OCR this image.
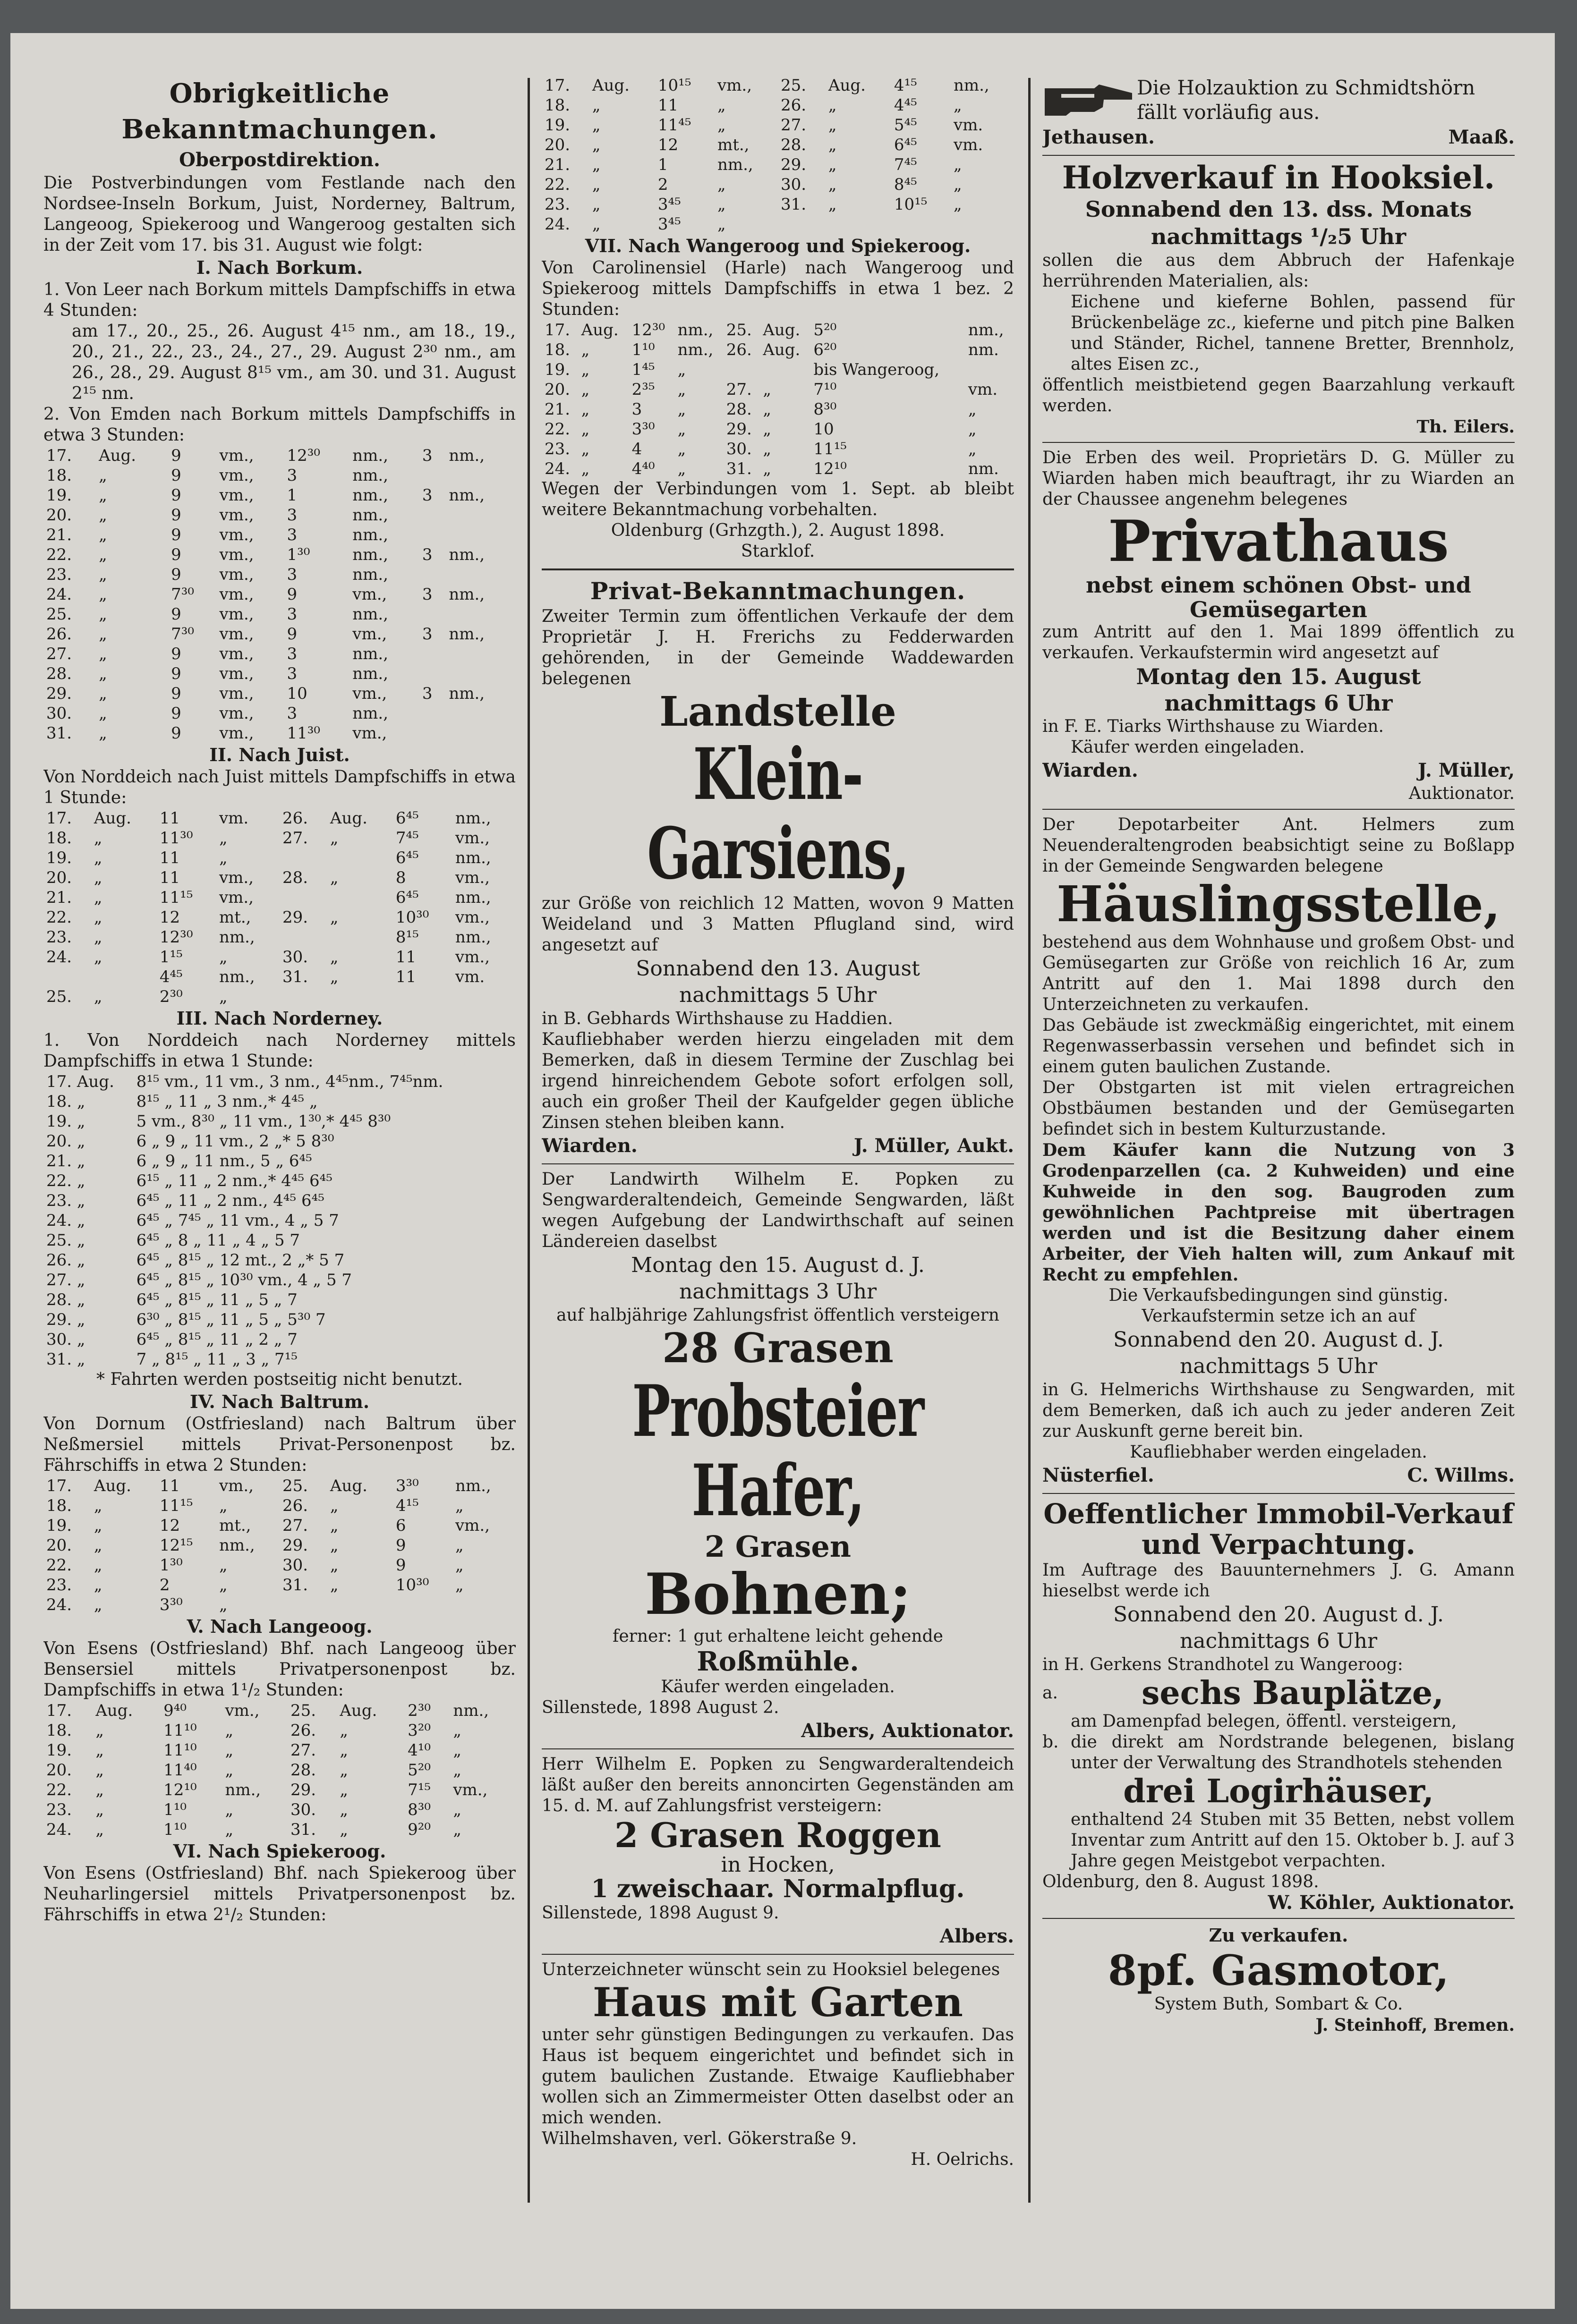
Obrigkeitliche Bekanntmachungen.

Oberpostdirektion.

Die Postverbindungen vom Festlande nach den Nordsee-Inseln Borkum, Juist, Norderney, Baltrum, Langeoog, Spiekeroog und Wangeroog gestalten sich in der Zeit vom 17. bis 31. August wie folgt:

I. Nach Borkum.

1. Von Leer nach Borkum mittels Dampfschiffs in etwa 4 Stunden:

am 17., 20., 25., 26. August 4¹⁵ nm., am 18., 19., 20., 21., 22., 23., 24., 27., 29. August 2³⁰ nm., am 26., 28., 29. August 8¹⁵ vm., am 30. und 31. August 2¹⁵ nm.

2. Von Emden nach Borkum mittels Dampfschiffs in etwa 3 Stunden:

17.	Aug.	9	vm.,	12³⁰	nm.,	3	nm.,
18.	„	9	vm.,	3	nm.,		
19.	„	9	vm.,	1	nm.,	3	nm.,
20.	„	9	vm.,	3	nm.,		
21.	„	9	vm.,	3	nm.,		
22.	„	9	vm.,	1³⁰	nm.,	3	nm.,
23.	„	9	vm.,	3	nm.,		
24.	„	7³⁰	vm.,	9	vm.,	3	nm.,
25.	„	9	vm.,	3	nm.,		
26.	„	7³⁰	vm.,	9	vm.,	3	nm.,
27.	„	9	vm.,	3	nm.,		
28.	„	9	vm.,	3	nm.,		
29.	„	9	vm.,	10	vm.,	3	nm.,
30.	„	9	vm.,	3	nm.,		
31.	„	9	vm.,	11³⁰	vm.,		

II. Nach Juist.

Von Norddeich nach Juist mittels Dampfschiffs in etwa 1 Stunde:

17.	Aug.	11	vm.	26.	Aug.	6⁴⁵	nm.,
18.	„	11³⁰	„	27.	„	7⁴⁵	vm.,
19.	„	11	„			6⁴⁵	nm.,
20.	„	11	vm.,	28.	„	8	vm.,
21.	„	11¹⁵	vm.,			6⁴⁵	nm.,
22.	„	12	mt.,	29.	„	10³⁰	vm.,
23.	„	12³⁰	nm.,			8¹⁵	nm.,
24.	„	1¹⁵	„	30.	„	11	vm.,
		4⁴⁵	nm.,	31.	„	11	vm.
25.	„	2³⁰	„				

III. Nach Norderney.

1. Von Norddeich nach Norderney mittels Dampfschiffs in etwa 1 Stunde:

17. Aug.	8¹⁵ vm., 11 vm., 3 nm., 4⁴⁵nm., 7⁴⁵nm.
18. „	8¹⁵ „ 11 „ 3 nm.,* 4⁴⁵ „
19. „	5 vm., 8³⁰ „ 11 vm., 1³⁰,* 4⁴⁵ 8³⁰
20. „	6 „ 9 „ 11 vm., 2 „* 5 8³⁰
21. „	6 „ 9 „ 11 nm., 5 „ 6⁴⁵
22. „	6¹⁵ „ 11 „ 2 nm.,* 4⁴⁵ 6⁴⁵
23. „	6⁴⁵ „ 11 „ 2 nm., 4⁴⁵ 6⁴⁵
24. „	6⁴⁵ „ 7⁴⁵ „ 11 vm., 4 „ 5 7
25. „	6⁴⁵ „ 8 „ 11 „ 4 „ 5 7
26. „	6⁴⁵ „ 8¹⁵ „ 12 mt., 2 „* 5 7
27. „	6⁴⁵ „ 8¹⁵ „ 10³⁰ vm., 4 „ 5 7
28. „	6⁴⁵ „ 8¹⁵ „ 11 „ 5 „ 7
29. „	6³⁰ „ 8¹⁵ „ 11 „ 5 „ 5³⁰ 7
30. „	6⁴⁵ „ 8¹⁵ „ 11 „ 2 „ 7
31. „	7 „ 8¹⁵ „ 11 „ 3 „ 7¹⁵

* Fahrten werden postseitig nicht benutzt.

IV. Nach Baltrum.

Von Dornum (Ostfriesland) nach Baltrum über Neßmersiel mittels Privat-Personenpost bz. Fährschiffs in etwa 2 Stunden:

17.	Aug.	11	vm.,	25.	Aug.	3³⁰	nm.,
18.	„	11¹⁵	„	26.	„	4¹⁵	„
19.	„	12	mt.,	27.	„	6	vm.,
20.	„	12¹⁵	nm.,	29.	„	9	„
22.	„	1³⁰	„	30.	„	9	„
23.	„	2	„	31.	„	10³⁰	„
24.	„	3³⁰	„				

V. Nach Langeoog.

Von Esens (Ostfriesland) Bhf. nach Langeoog über Bensersiel mittels Privatpersonenpost bz. Dampfschiffs in etwa 1¹/₂ Stunden:

17.	Aug.	9⁴⁰	vm.,	25.	Aug.	2³⁰	nm.,
18.	„	11¹⁰	„	26.	„	3²⁰	„
19.	„	11¹⁰	„	27.	„	4¹⁰	„
20.	„	11⁴⁰	„	28.	„	5²⁰	„
22.	„	12¹⁰	nm.,	29.	„	7¹⁵	vm.,
23.	„	1¹⁰	„	30.	„	8³⁰	„
24.	„	1¹⁰	„	31.	„	9²⁰	„

VI. Nach Spiekeroog.

Von Esens (Ostfriesland) Bhf. nach Spiekeroog über Neuharlingersiel mittels Privatpersonenpost bz. Fährschiffs in etwa 2¹/₂ Stunden:

17.	Aug.	10¹⁵	vm.,	25.	Aug.	4¹⁵	nm.,
18.	„	11	„	26.	„	4⁴⁵	„
19.	„	11⁴⁵	„	27.	„	5⁴⁵	vm.
20.	„	12	mt.,	28.	„	6⁴⁵	vm.
21.	„	1	nm.,	29.	„	7⁴⁵	„
22.	„	2	„	30.	„	8⁴⁵	„
23.	„	3⁴⁵	„	31.	„	10¹⁵	„
24.	„	3⁴⁵	„				

VII. Nach Wangeroog und Spiekeroog.

Von Carolinensiel (Harle) nach Wangeroog und Spiekeroog mittels Dampfschiffs in etwa 1 bez. 2 Stunden:

17.	Aug.	12³⁰	nm.,	25.	Aug.	5²⁰	nm.,
18.	„	1¹⁰	nm.,	26.	Aug.	6²⁰	nm.
19.	„	1⁴⁵	„			bis Wangeroog,	
20.	„	2³⁵	„	27.	„	7¹⁰	vm.
21.	„	3	„	28.	„	8³⁰	„
22.	„	3³⁰	„	29.	„	10	„
23.	„	4	„	30.	„	11¹⁵	„
24.	„	4⁴⁰	„	31.	„	12¹⁰	nm.

Wegen der Verbindungen vom 1. Sept. ab bleibt weitere Bekanntmachung vorbehalten.

Oldenburg (Grhzgth.), 2. August 1898.

Starklof.

Privat-Bekanntmachungen.

Zweiter Termin zum öffentlichen Verkaufe der dem Proprietär J. H. Frerichs zu Fedderwarden gehörenden, in der Gemeinde Waddewarden belegenen

Landstelle

Klein-Garsiens,

zur Größe von reichlich 12 Matten, wovon 9 Matten Weideland und 3 Matten Pflugland sind, wird angesetzt auf

Sonnabend den 13. August

nachmittags 5 Uhr

in B. Gebhards Wirthshause zu Haddien.

Kaufliebhaber werden hierzu eingeladen mit dem Bemerken, daß in diesem Termine der Zuschlag bei irgend hinreichendem Gebote sofort erfolgen soll, auch ein großer Theil der Kaufgelder gegen übliche Zinsen stehen bleiben kann.

Wiarden.	J. Müller, Aukt.

Der Landwirth Wilhelm E. Popken zu Sengwarderaltendeich, Gemeinde Sengwarden, läßt wegen Aufgebung der Landwirthschaft auf seinen Ländereien daselbst

Montag den 15. August d. J.

nachmittags 3 Uhr

auf halbjährige Zahlungsfrist öffentlich versteigern

28 Grasen

Probsteier Hafer,

2 Grasen

Bohnen;

ferner: 1 gut erhaltene leicht gehende

Roßmühle.

Käufer werden eingeladen.

Sillenstede, 1898 August 2.

Albers, Auktionator.

Herr Wilhelm E. Popken zu Sengwarderaltendeich läßt außer den bereits annoncirten Gegenständen am 15. d. M. auf Zahlungsfrist versteigern:

2 Grasen Roggen

in Hocken,

1 zweischaar. Normalpflug.

Sillenstede, 1898 August 9.

Albers.

Unterzeichneter wünscht sein zu Hooksiel belegenes

Haus mit Garten

unter sehr günstigen Bedingungen zu verkaufen. Das Haus ist bequem eingerichtet und befindet sich in gutem baulichen Zustande. Etwaige Kaufliebhaber wollen sich an Zimmermeister Otten daselbst oder an mich wenden.

Wilhelmshaven, verl. Gökerstraße 9.

H. Oelrichs.

Die Holzauktion zu Schmidtshörn fällt vorläufig aus.

Jethausen.	Maaß.

Holzverkauf in Hooksiel.

Sonnabend den 13. dss. Monats

nachmittags ¹/₂5 Uhr

sollen die aus dem Abbruch der Hafenkaje herrührenden Materialien, als:

Eichene und kieferne Bohlen, passend für Brückenbeläge zc., kieferne und pitch pine Balken und Ständer, Richel, tannene Bretter, Brennholz, altes Eisen zc.,

öffentlich meistbietend gegen Baarzahlung verkauft werden.

Th. Eilers.

Die Erben des weil. Proprietärs D. G. Müller zu Wiarden haben mich beauftragt, ihr zu Wiarden an der Chaussee angenehm belegenes

Privathaus

nebst einem schönen Obst- und Gemüsegarten

zum Antritt auf den 1. Mai 1899 öffentlich zu verkaufen. Verkaufstermin wird angesetzt auf

Montag den 15. August

nachmittags 6 Uhr

in F. E. Tiarks Wirthshause zu Wiarden.

Käufer werden eingeladen.

Wiarden.	J. Müller,

Auktionator.

Der Depotarbeiter Ant. Helmers zum Neuenderaltengroden beabsichtigt seine zu Boßlapp in der Gemeinde Sengwarden belegene

Häuslingsstelle,

bestehend aus dem Wohnhause und großem Obst- und Gemüsegarten zur Größe von reichlich 16 Ar, zum Antritt auf den 1. Mai 1898 durch den Unterzeichneten zu verkaufen.

Das Gebäude ist zweckmäßig eingerichtet, mit einem Regenwasserbassin versehen und befindet sich in einem guten baulichen Zustande.

Der Obstgarten ist mit vielen ertragreichen Obstbäumen bestanden und der Gemüsegarten befindet sich in bestem Kulturzustande.

Dem Käufer kann die Nutzung von 3 Grodenparzellen (ca. 2 Kuhweiden) und eine Kuhweide in den sog. Baugroden zum gewöhnlichen Pachtpreise mit übertragen werden und ist die Besitzung daher einem Arbeiter, der Vieh halten will, zum Ankauf mit Recht zu empfehlen.

Die Verkaufsbedingungen sind günstig.

Verkaufstermin setze ich an auf

Sonnabend den 20. August d. J.

nachmittags 5 Uhr

in G. Helmerichs Wirthshause zu Sengwarden, mit dem Bemerken, daß ich auch zu jeder anderen Zeit zur Auskunft gerne bereit bin.

Kaufliebhaber werden eingeladen.

Nüsterfiel.	C. Willms.

Oeffentlicher Immobil-Verkauf

und Verpachtung.

Im Auftrage des Bauunternehmers J. G. Amann hieselbst werde ich

Sonnabend den 20. August d. J.

nachmittags 6 Uhr

in H. Gerkens Strandhotel zu Wangeroog:

a.	sechs Bauplätze,

am Damenpfad belegen, öffentl. versteigern,

b. die direkt am Nordstrande belegenen, bislang unter der Verwaltung des Strandhotels stehenden

drei Logirhäuser,

enthaltend 24 Stuben mit 35 Betten, nebst vollem Inventar zum Antritt auf den 15. Oktober b. J. auf 3 Jahre gegen Meistgebot verpachten.

Oldenburg, den 8. August 1898.

W. Köhler, Auktionator.

Zu verkaufen.

8pf. Gasmotor,

System Buth, Sombart & Co.

J. Steinhoff, Bremen.
